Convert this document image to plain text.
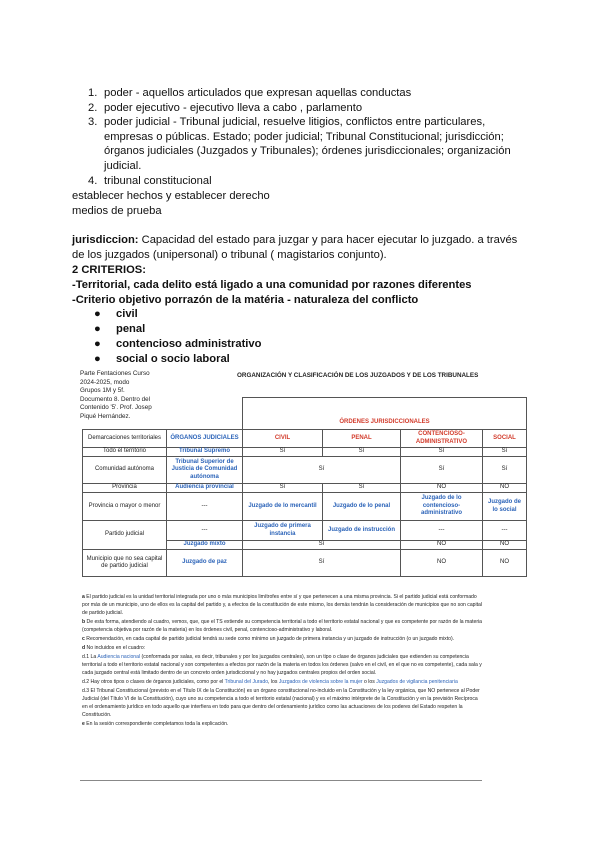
1. poder - aquellos articulados que expresan aquellas conductas
2. poder ejecutivo - ejecutivo lleva a cabo , parlamento
3. poder judicial - Tribunal judicial, resuelve litigios, conflictos entre particulares, empresas o públicas. Estado; poder judicial; Tribunal Constitucional; jurisdicción; órganos judiciales (Juzgados y Tribunales); órdenes jurisdiccionales; organización judicial.
4. tribunal constitucional
establecer hechos y establecer derecho
medios de prueba
jurisdiccion: Capacidad del estado para juzgar y para hacer ejecutar lo juzgado. a través de los juzgados (unipersonal) o tribunal ( magistarios conjunto).
2 CRITERIOS:
-Territorial, cada delito está ligado a una comunidad por razones diferentes
-Criterio objetivo porrazón de la matéria - naturaleza del conflicto
● civil
● penal
● contencioso administrativo
● social o socio laboral
Parte Fentaciones Curso
2024-2025, modo
Grupos 1M y 5f.
Documento 8. Dentro del
Contenido '5'. Prof. Josep
Piqué Hernández.
ORGANIZACIÓN Y CLASIFICACIÓN DE LOS JUZGADOS Y DE LOS TRIBUNALES

		ÓRDENES JURISDICCIONALES			
Demarcaciones territoriales	ÓRGANOS JUDICIALES	CIVIL	PENAL	CONTENCIOSO-ADMINISTRATIVO	SOCIAL
Todo el territorio	Tribunal Supremo	Sí	Sí	Sí	Sí
Comunidad autónoma	Tribunal Superior de Justicia de Comunidad autónoma	Sí		Sí	Sí
Provincia	Audiencia provincial	Sí	Sí	NO	NO
Provincia o mayor o menor	---	Juzgado de lo mercantil	Juzgado de lo penal	Juzgado de lo contencioso-administrativo	Juzgado de lo social
Partido judicial	---	Juzgado de primera instancia	Juzgado de instrucción	---	---
	Juzgado mixto	Sí		NO	NO
Municipio que no sea capital de partido judicial	Juzgado de paz	Sí		NO	NO

a El partido judicial es la unidad territorial integrada por uno o más municipios limítrofes entre sí y que pertenecen a una misma provincia. Si el partido judicial está conformado por más de un municipio, uno de ellos es la capital del partido y, a efectos de la constitución de este mismo, los demás tendrán la consideración de municipios que no son capital de partido judicial.

b De esta forma, atendiendo al cuadro, vemos, que, que el TS extiende su competencia territorial a todo el territorio estatal nacional y que es competente por razón de la materia (competencia objetiva por razón de la materia) en los órdenes civil, penal, contencioso-administrativo y laboral.

c Recomendación, en cada capital de partido judicial tendrá su sede como mínimo un juzgado de primera instancia y un juzgado de instrucción (o un juzgado mixto).

d No incluidos en el cuadro:

d.1 La Audiencia nacional (conformada por salas, es decir, tribunales y por los juzgados centrales), son un tipo o clase de órganos judiciales que extienden su competencia territorial a todo el territorio estatal nacional y son competentes a efectos por razón de la materia en todos los órdenes (salvo en el civil, en el que no es competente), cada sala y cada juzgado central está limitado dentro de un concreto orden jurisdiccional y no hay juzgados centrales propios del orden social.

d.2 Hay otros tipos o clases de órganos judiciales, como por el Tribunal del Jurado, los Juzgados de violencia sobre la mujer o los Juzgados de vigilancia penitenciaria

d.3 El Tribunal Constitucional (previsto en el Título IX de la Constitución) es un órgano constitucional no-incluido en la Constitución y la ley orgánica, que NO pertenece al Poder Judicial (del Título VI de la Constitución), cuyo uno su competencia a todo el territorio estatal (nacional) y es el máximo intérprete de la Constitución y en la previsión Recíproca en el ordenamiento jurídico en todo aquello que interfiera en todo para que dentro del ordenamiento jurídico como las actuaciones de los poderes del Estado respeten la Constitución.

e En la sesión correspondiente completamos toda la explicación.
